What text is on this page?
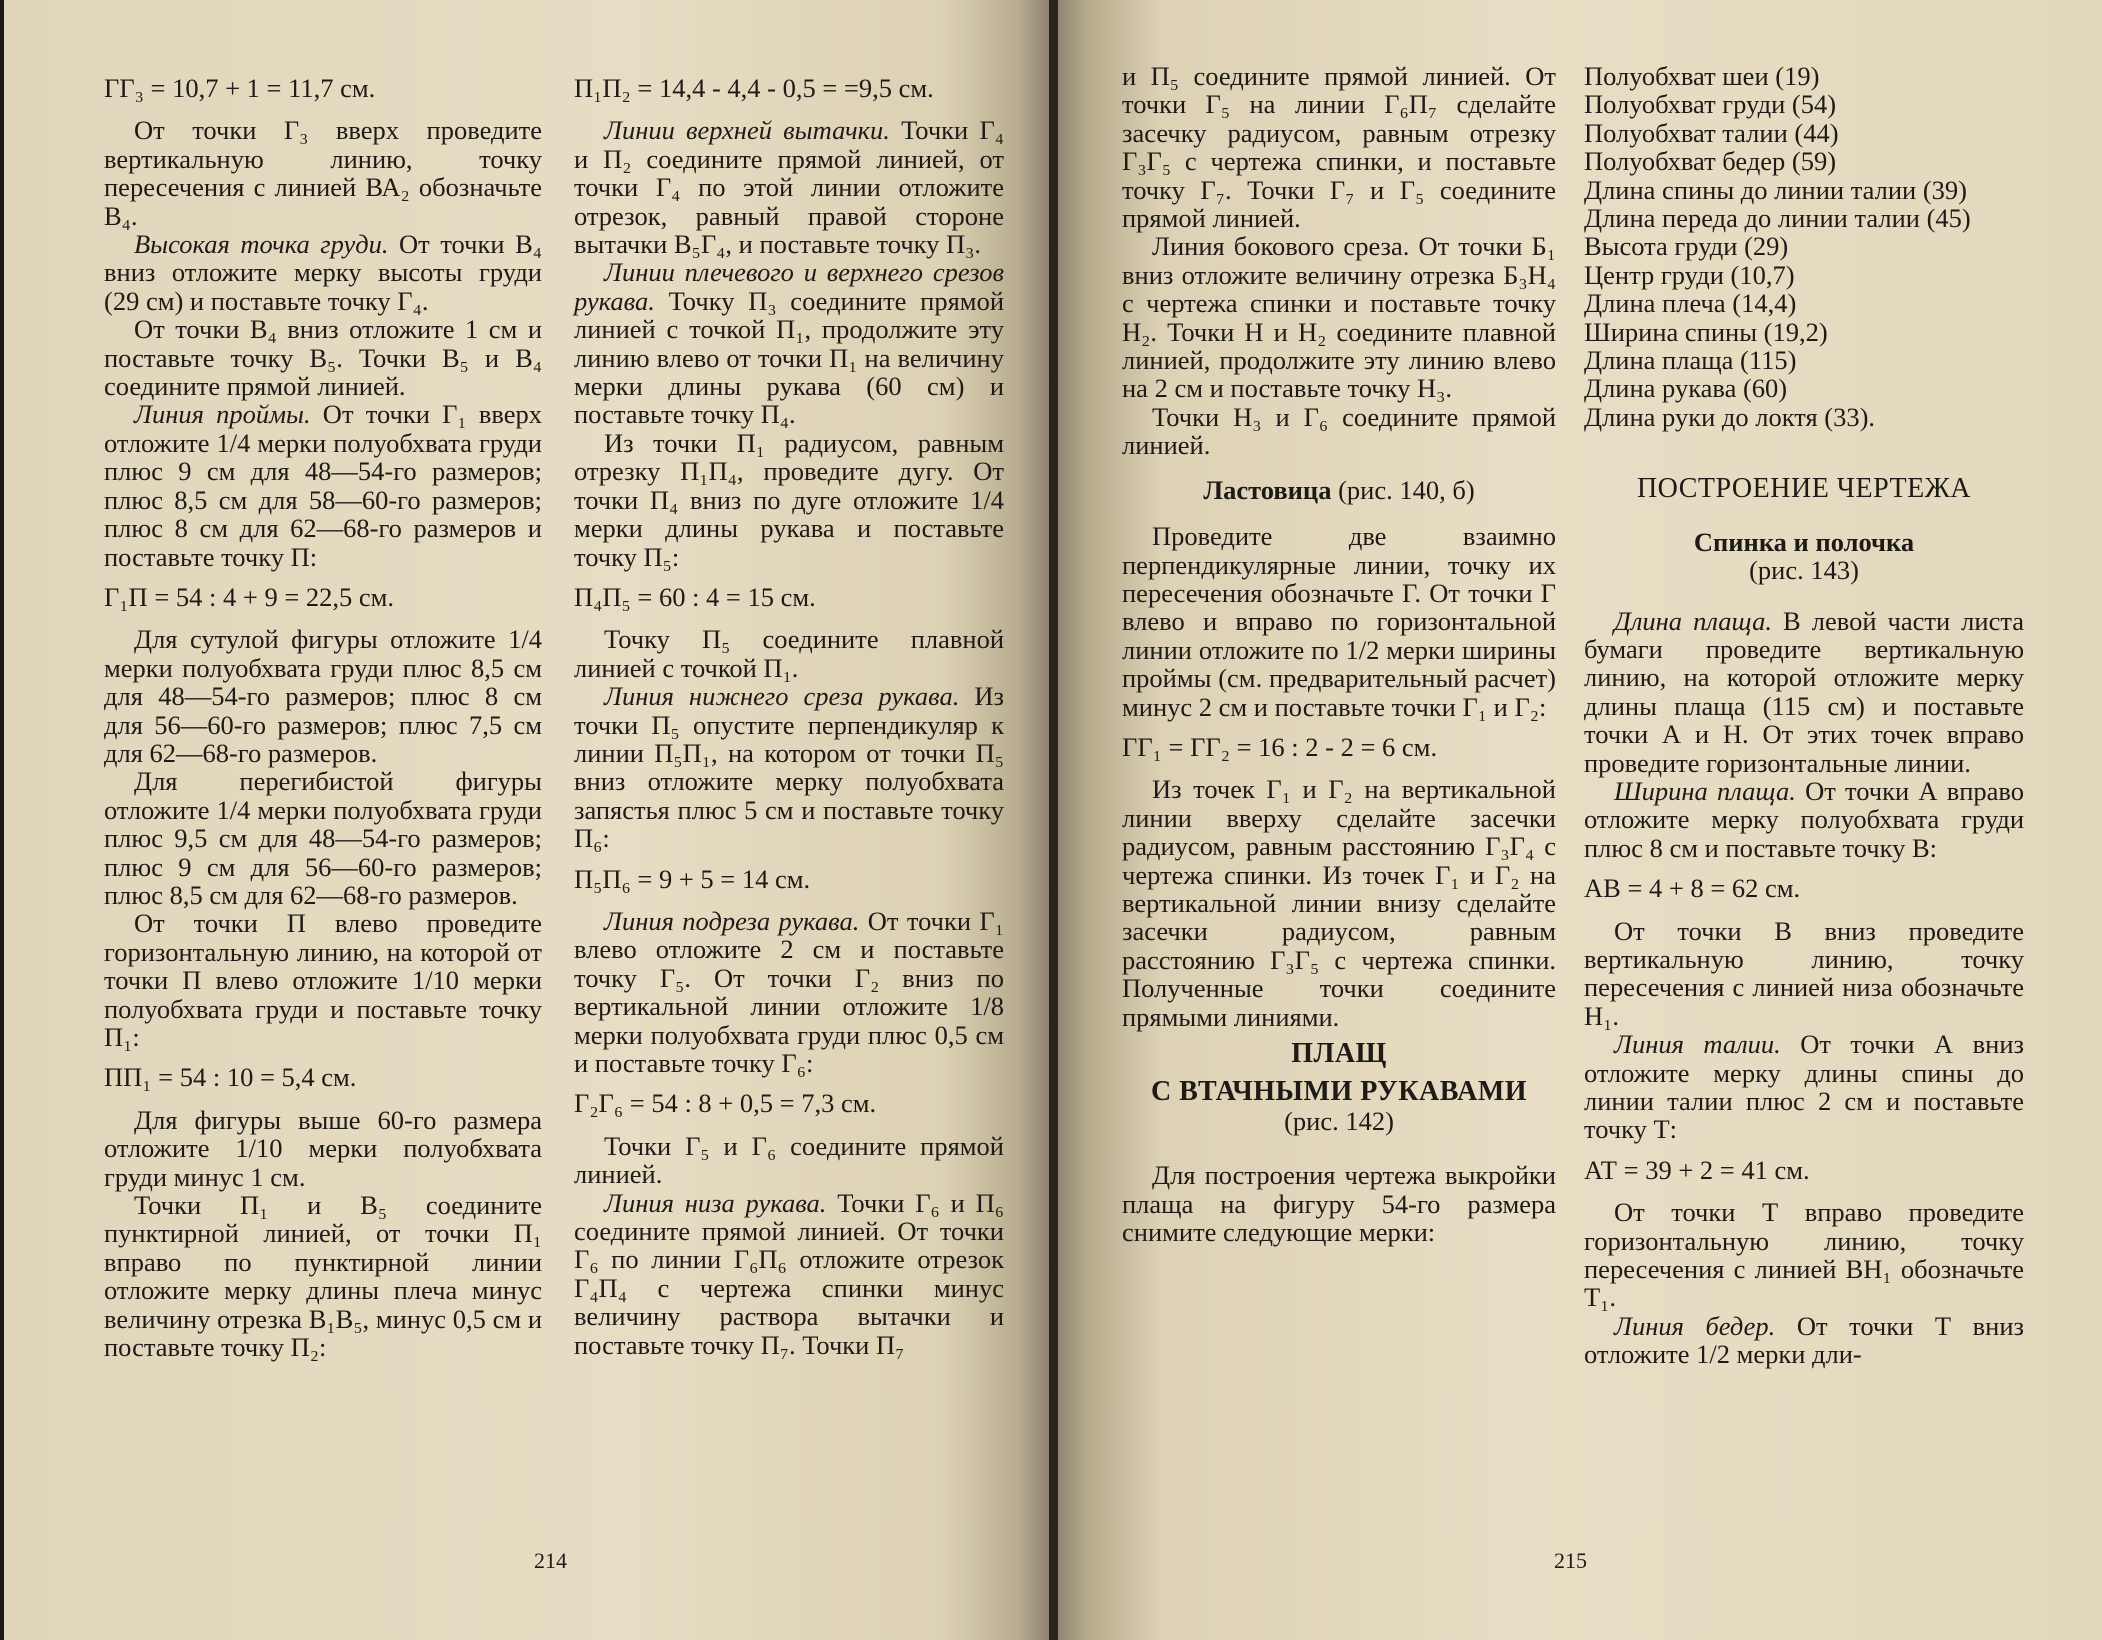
ГГ₃ = 10,7 + 1 = 11,7 см.

От точки Г₃ вверх проведите вертикальную линию, точку пересечения с линией ВА₂ обозначьте В₄.

Высокая точка груди. От точки В₄ вниз отложите мерку высоты груди (29 см) и поставьте точку Г₄.

От точки В₄ вниз отложите 1 см и поставьте точку В₅. Точки В₅ и В₄ соедините прямой линией.

Линия проймы. От точки Г₁ вверх отложите 1/4 мерки полуобхвата груди плюс 9 см для 48—54-го размеров; плюс 8,5 см для 58—60-го размеров; плюс 8 см для 62—68-го размеров и поставьте точку П:

Г₁П = 54 : 4 + 9 = 22,5 см.

Для сутулой фигуры отложите 1/4 мерки полуобхвата груди плюс 8,5 см для 48—54-го размеров; плюс 8 см для 56—60-го размеров; плюс 7,5 см для 62—68-го размеров.

Для перегибистой фигуры отложите 1/4 мерки полуобхвата груди плюс 9,5 см для 48—54-го размеров; плюс 9 см для 56—60-го размеров; плюс 8,5 см для 62—68-го размеров.

От точки П влево проведите горизонтальную линию, на которой от точки П влево отложите 1/10 мерки полуобхвата груди и поставьте точку П₁:

ПП₁ = 54 : 10 = 5,4 см.

Для фигуры выше 60-го размера отложите 1/10 мерки полуобхвата груди минус 1 см.

Точки П₁ и В₅ соедините пунктирной линией, от точки П₁ вправо по пунктирной линии отложите мерку длины плеча минус величину отрезка В₁В₅, минус 0,5 см и поставьте точку П₂:

П₁П₂ = 14,4 - 4,4 - 0,5 = =9,5 см.

Линии верхней вытачки. Точки Г₄ и П₂ соедините прямой линией, от точки Г₄ по этой линии отложите отрезок, равный правой стороне вытачки В₅Г₄, и поставьте точку П₃.

Линии плечевого и верхнего срезов рукава. Точку П₃ соедините прямой линией с точкой П₁, продолжите эту линию влево от точки П₁ на величину мерки длины рукава (60 см) и поставьте точку П₄.

Из точки П₁ радиусом, равным отрезку П₁П₄, проведите дугу. От точки П₄ вниз по дуге отложите 1/4 мерки длины рукава и поставьте точку П₅:

П₄П₅ = 60 : 4 = 15 см.

Точку П₅ соедините плавной линией с точкой П₁.

Линия нижнего среза рукава. Из точки П₅ опустите перпендикуляр к линии П₅П₁, на котором от точки П₅ вниз отложите мерку полуобхвата запястья плюс 5 см и поставьте точку П₆:

П₅П₆ = 9 + 5 = 14 см.

Линия подреза рукава. От точки Г₁ влево отложите 2 см и поставьте точку Г₅. От точки Г₂ вниз по вертикальной линии отложите 1/8 мерки полуобхвата груди плюс 0,5 см и поставьте точку Г₆:

Г₂Г₆ = 54 : 8 + 0,5 = 7,3 см.

Точки Г₅ и Г₆ соедините прямой линией.

Линия низа рукава. Точки Г₆ и П₆ соедините прямой линией. От точки Г₆ по линии Г₆П₆ отложите отрезок Г₄П₄ с чертежа спинки минус величину раствора вытачки и поставьте точку П₇. Точки П₇

214

и П₅ соедините прямой линией. От точки Г₅ на линии Г₆П₇ сделайте засечку радиусом, равным отрезку Г₃Г₅ с чертежа спинки, и поставьте точку Г₇. Точки Г₇ и Г₅ соедините прямой линией.

Линия бокового среза. От точки Б₁ вниз отложите величину отрезка Б₃Н₄ с чертежа спинки и поставьте точку Н₂. Точки Н и Н₂ соедините плавной линией, продолжите эту линию влево на 2 см и поставьте точку Н₃.

Точки Н₃ и Г₆ соедините прямой линией.

Ластовица (рис. 140, б)

Проведите две взаимно перпендикулярные линии, точку их пересечения обозначьте Г. От точки Г влево и вправо по горизонтальной линии отложите по 1/2 мерки ширины проймы (см. предварительный расчет) минус 2 см и поставьте точки Г₁ и Г₂:

ГГ₁ = ГГ₂ = 16 : 2 - 2 = 6 см.

Из точек Г₁ и Г₂ на вертикальной линии вверху сделайте засечки радиусом, равным расстоянию Г₃Г₄ с чертежа спинки. Из точек Г₁ и Г₂ на вертикальной линии внизу сделайте засечки радиусом, равным расстоянию Г₃Г₅ с чертежа спинки. Полученные точки соедините прямыми линиями.

ПЛАЩ

С ВТАЧНЫМИ РУКАВАМИ

(рис. 142)

Для построения чертежа выкройки плаща на фигуру 54-го размера снимите следующие мерки:

Полуобхват шеи (19)
Полуобхват груди (54)
Полуобхват талии (44)
Полуобхват бедер (59)
Длина спины до линии талии (39)
Длина переда до линии талии (45)
Высота груди (29)
Центр груди (10,7)
Длина плеча (14,4)
Ширина спины (19,2)
Длина плаща (115)
Длина рукава (60)
Длина руки до локтя (33).

ПОСТРОЕНИЕ ЧЕРТЕЖА

Спинка и полочка

(рис. 143)

Длина плаща. В левой части листа бумаги проведите вертикальную линию, на которой отложите мерку длины плаща (115 см) и поставьте точки А и Н. От этих точек вправо проведите горизонтальные линии.

Ширина плаща. От точки А вправо отложите мерку полуобхвата груди плюс 8 см и поставьте точку В:

АВ = 4 + 8 = 62 см.

От точки В вниз проведите вертикальную линию, точку пересечения с линией низа обозначьте Н₁.

Линия талии. От точки А вниз отложите мерку длины спины до линии талии плюс 2 см и поставьте точку Т:

АТ = 39 + 2 = 41 см.

От точки Т вправо проведите горизонтальную линию, точку пересечения с линией ВН₁ обозначьте Т₁.

Линия бедер. От точки Т вниз отложите 1/2 мерки дли-

215
